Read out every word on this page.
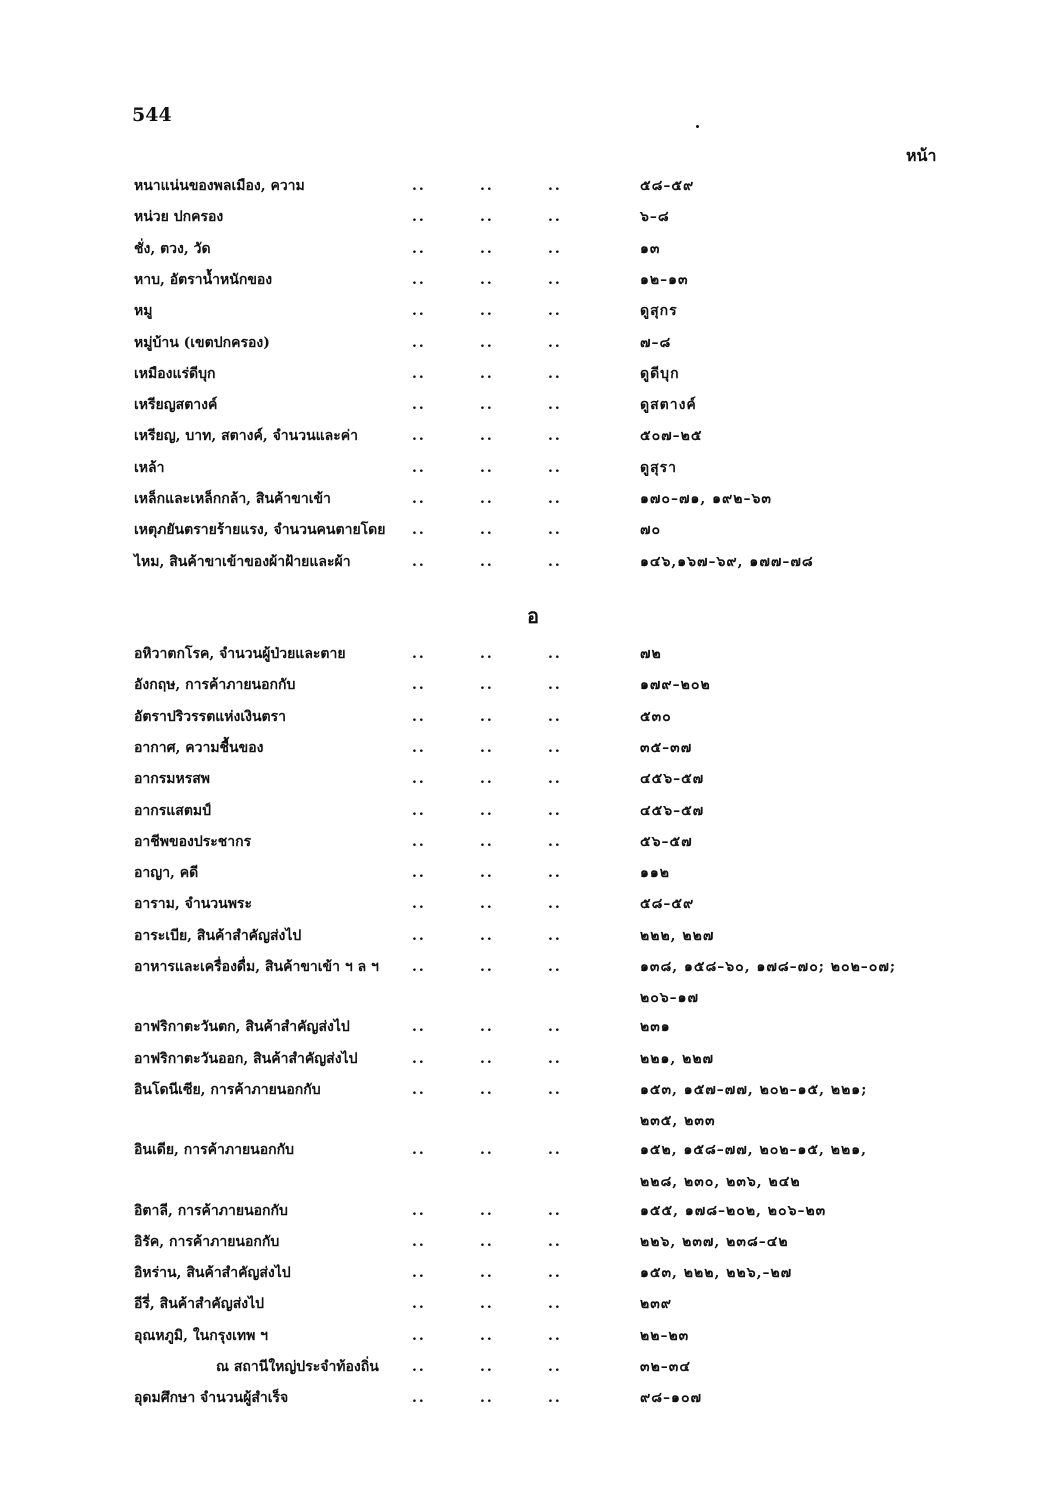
544
หน้า
อ
หนาแน่นของพลเมือง, ความ	..	..	..	๕๘–๕๙
หน่วย ปกครอง	..	..	..	๖–๘
ชั่ง, ตวง, วัด	..	..	..	๑๓
หาบ, อัตราน้ำหนักของ	..	..	..	๑๒–๑๓
หมู	..	..	..	ดูสุกร
หมู่บ้าน (เขตปกครอง)	..	..	..	๗–๘
เหมืองแร่ดีบุก	..	..	..	ดูดีบุก
เหรียญสตางค์	..	..	..	ดูสตางค์
เหรียญ, บาท, สตางค์, จำนวนและค่า	..	..	..	๕๐๗–๒๕
เหล้า	..	..	..	ดูสุรา
เหล็กและเหล็กกล้า, สินค้าขาเข้า	..	..	..	๑๗๐–๗๑, ๑๙๒–๖๓
เหตุภยันตรายร้ายแรง, จำนวนคนตายโดย ..	..	..	๗๐
ไหม, สินค้าขาเข้าของผ้าฝ้ายและผ้า	..	..	..	๑๔๖,๑๖๗–๖๙, ๑๗๗–๗๘
อหิวาตกโรค, จำนวนผู้ป่วยและตาย	..	..	..	๗๒
อังกฤษ, การค้าภายนอกกับ	..	..	..	๑๗๙–๒๐๒
อัตราปริวรรตแห่งเงินตรา	..	..	..	๕๓๐
อากาศ, ความชื้นของ	..	..	..	๓๕–๓๗
อากรมหรสพ	..	..	..	๔๕๖–๕๗
อากรแสตมป์	..	..	..	๔๕๖–๕๗
อาชีพของประชากร	..	..	..	๕๖–๕๗
อาญา, คดี	..	..	..	๑๑๒
อาราม, จำนวนพระ	..	..	..	๕๘–๕๙
อาระเบีย, สินค้าสำคัญส่งไป	..	..	..	๒๒๒, ๒๒๗
อาหารและเครื่องดื่ม, สินค้าขาเข้า ฯ ล ฯ ..	..	..	๑๓๘, ๑๕๘–๖๐, ๑๗๘–๗๐; ๒๐๒–๐๗;
๒๐๖–๑๗
อาฟริกาตะวันตก, สินค้าสำคัญส่งไป	..	..	..	๒๓๑
อาฟริกาตะวันออก, สินค้าสำคัญส่งไป	..	..	..	๒๒๑, ๒๒๗
อินโดนีเซีย, การค้าภายนอกกับ	..	..	..	๑๕๓, ๑๕๗–๗๗, ๒๐๒–๑๕, ๒๒๑;
๒๓๕, ๒๓๓
อินเดีย, การค้าภายนอกกับ	..	..	..	๑๕๒, ๑๕๘–๗๗, ๒๐๒–๑๕, ๒๒๑,
๒๒๘, ๒๓๐, ๒๓๖, ๒๔๒
อิตาลี, การค้าภายนอกกับ	..	..	..	๑๕๕, ๑๗๘–๒๐๒, ๒๐๖–๒๓
อิรัค, การค้าภายนอกกับ	..	..	..	๒๒๖, ๒๓๗, ๒๓๘–๔๒
อิหร่าน, สินค้าสำคัญส่งไป	..	..	..	๑๕๓, ๒๒๒, ๒๒๖,–๒๗
อีรี่, สินค้าสำคัญส่งไป	..	..	..	๒๓๙
อุณหภูมิ, ในกรุงเทพ ฯ	..	..	..	๒๒–๒๓
ณ สถานีใหญ่ประจำท้องถิ่น ..	..	..	๓๒–๓๔
อุดมศึกษา จำนวนผู้สำเร็จ	..	..	..	๙๘–๑๐๗
